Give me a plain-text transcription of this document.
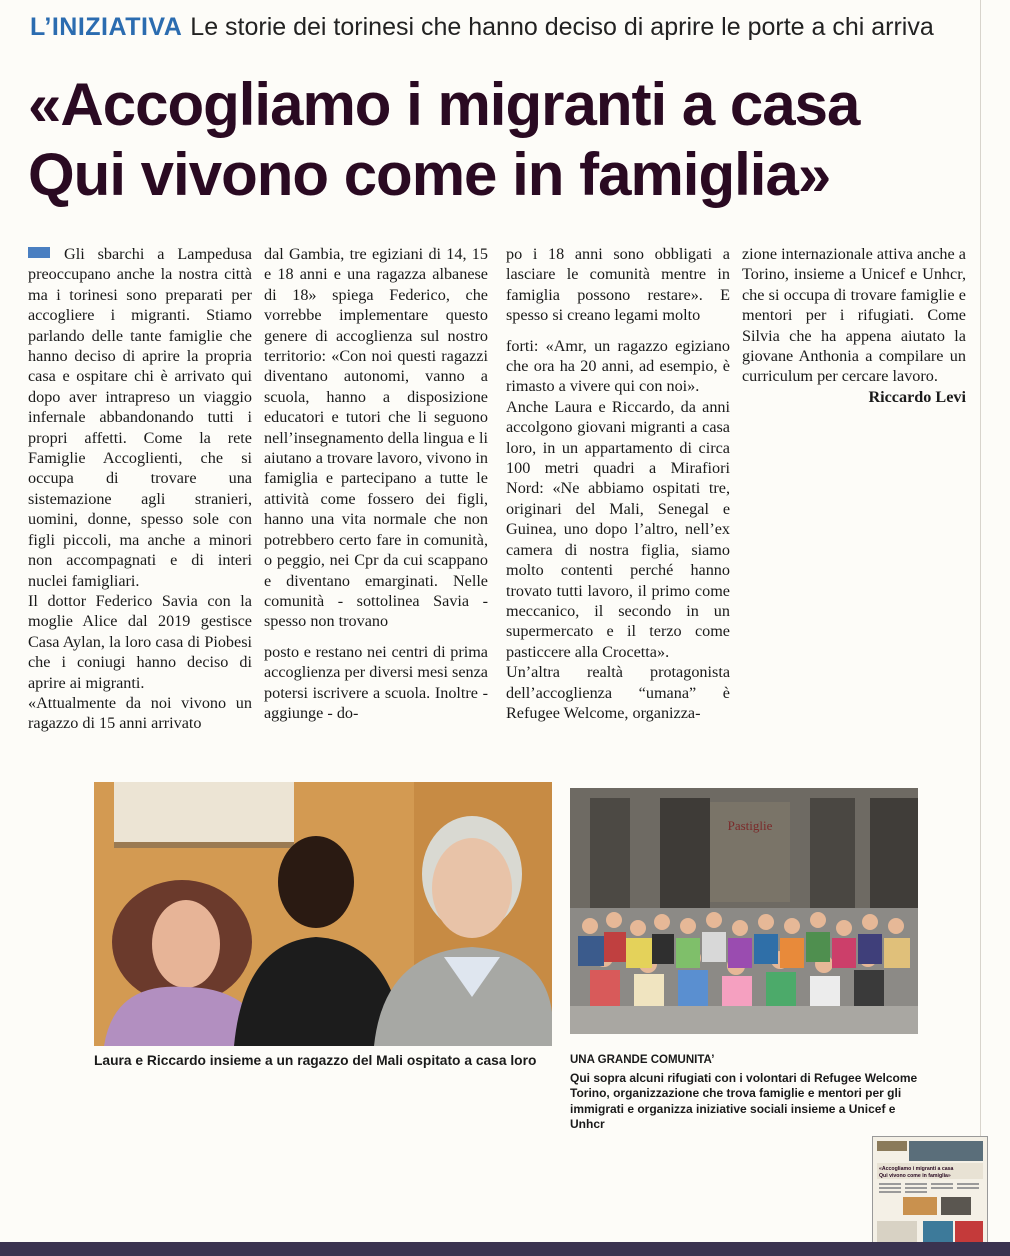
L’INIZIATIVA Le storie dei torinesi che hanno deciso di aprire le porte a chi arriva
«Accogliamo i migranti a casa
Qui vivono come in famiglia»

Gli sbarchi a Lampedusa preoccupano anche la nostra città ma i torinesi sono preparati per accogliere i migranti. Stiamo parlando delle tante famiglie che hanno deciso di aprire la propria casa e ospitare chi è arrivato qui dopo aver intrapreso un viaggio infernale abbandonando tutti i propri affetti. Come la rete Famiglie Accoglienti, che si occupa di trovare una sistemazione agli stranieri, uomini, donne, spesso sole con figli piccoli, ma anche a minori non accompagnati e di interi nuclei famigliari.

Il dottor Federico Savia con la moglie Alice dal 2019 gestisce Casa Aylan, la loro casa di Piobesi che i coniugi hanno deciso di aprire ai migranti.

«Attualmente da noi vivono un ragazzo di 15 anni arrivato

dal Gambia, tre egiziani di 14, 15 e 18 anni e una ragazza albanese di 18» spiega Federico, che vorrebbe implementare questo genere di accoglienza sul nostro territorio: «Con noi questi ragazzi diventano autonomi, vanno a scuola, hanno a disposizione educatori e tutori che li seguono nell’insegnamento della lingua e li aiutano a trovare lavoro, vivono in famiglia e partecipano a tutte le attività come fossero dei figli, hanno una vita normale che non potrebbero certo fare in comunità, o peggio, nei Cpr da cui scappano e diventano emarginati. Nelle comunità - sottolinea Savia - spesso non trovano

posto e restano nei centri di prima accoglienza per diversi mesi senza potersi iscrivere a scuola. Inoltre - aggiunge - do-

po i 18 anni sono obbligati a lasciare le comunità mentre in famiglia possono restare». E spesso si creano legami molto

forti: «Amr, un ragazzo egiziano che ora ha 20 anni, ad esempio, è rimasto a vivere qui con noi».

Anche Laura e Riccardo, da anni accolgono giovani migranti a casa loro, in un appartamento di circa 100 metri quadri a Mirafiori Nord: «Ne abbiamo ospitati tre, originari del Mali, Senegal e Guinea, uno dopo l’altro, nell’ex camera di nostra figlia, siamo molto contenti perché hanno trovato tutti lavoro, il primo come meccanico, il secondo in un supermercato e il terzo come pasticcere alla Crocetta».

Un’altra realtà protagonista dell’accoglienza “umana” è Refugee Welcome, organizza-

zione internazionale attiva anche a Torino, insieme a Unicef e Unhcr, che si occupa di trovare famiglie e mentori per i rifugiati. Come Silvia che ha appena aiutato la giovane Anthonia a compilare un curriculum per cercare lavoro.

Riccardo Levi

Pastiglie
Laura e Riccardo insieme a un ragazzo del Mali ospitato a casa loro	UNA GRANDE COMUNITA’
Qui sopra alcuni rifugiati con i volontari di Refugee Welcome Torino, organizzazione che trova famiglie e mentori per gli immigrati e organizza iniziative sociali insieme a Unicef e Unhcr
«Accogliamo i migranti a casa
Qui vivono come in famiglia»
